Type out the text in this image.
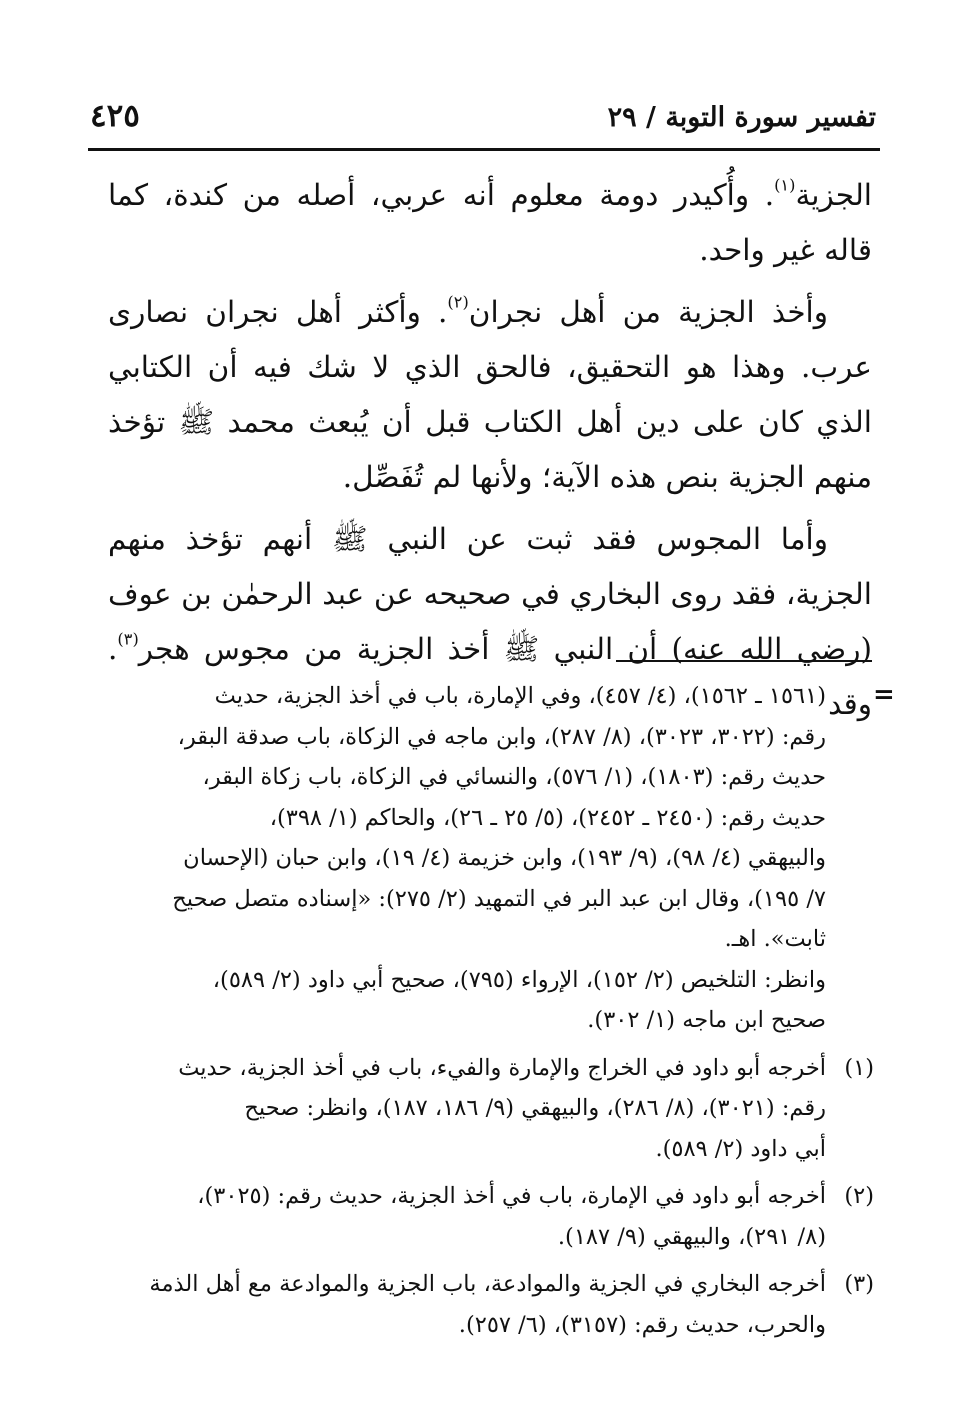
تفسير سورة التوبة / ٢٩
٤٢٥

الجزية$^{(١)}$. وأُكيدر دومة معلوم أنه عربي، أصله من كندة، كما قاله غير واحد.

وأخذ الجزية من أهل نجران$^{(٢)}$. وأكثر أهل نجران نصارى عرب. وهذا هو التحقيق، فالحق الذي لا شك فيه أن الكتابي الذي كان على دين أهل الكتاب قبل أن يُبعث محمد ﷺ تؤخذ منهم الجزية بنص هذه الآية؛ ولأنها لم تُفَصِّل.

وأما المجوس فقد ثبت عن النبي ﷺ أنهم تؤخذ منهم الجزية، فقد روى البخاري في صحيحه عن عبد الرحمٰن بن عوف (رضي الله عنه) أن النبي ﷺ أخذ الجزية من مجوس هجر$^{(٣)}$. وقد =
(١٥٦١ ـ ١٥٦٢)، (٤/ ٤٥٧)، وفي الإمارة، باب في أخذ الجزية، حديث
رقم: (٣٠٢٢، ٣٠٢٣)، (٨/ ٢٨٧)، وابن ماجه في الزكاة، باب صدقة البقر،
حديث رقم: (١٨٠٣)، (١/ ٥٧٦)، والنسائي في الزكاة، باب زكاة البقر،
حديث رقم: (٢٤٥٠ ـ ٢٤٥٢)، (٥/ ٢٥ ـ ٢٦)، والحاكم (١/ ٣٩٨)،
والبيهقي (٤/ ٩٨)، (٩/ ١٩٣)، وابن خزيمة (٤/ ١٩)، وابن حبان (الإحسان
٧/ ١٩٥)، وقال ابن عبد البر في التمهيد (٢/ ٢٧٥): «إسناده متصل صحيح
ثابت». اهـ.
وانظر: التلخيص (٢/ ١٥٢)، الإرواء (٧٩٥)، صحيح أبي داود (٢/ ٥٨٩)،
صحيح ابن ماجه (١/ ٣٠٢).
(١)
أخرجه أبو داود في الخراج والإمارة والفيء، باب في أخذ الجزية، حديث
رقم: (٣٠٢١)، (٨/ ٢٨٦)، والبيهقي (٩/ ١٨٦، ١٨٧)، وانظر: صحيح
أبي داود (٢/ ٥٨٩).
(٢)
أخرجه أبو داود في الإمارة، باب في أخذ الجزية، حديث رقم: (٣٠٢٥)،
(٨/ ٢٩١)، والبيهقي (٩/ ١٨٧).
(٣)
أخرجه البخاري في الجزية والموادعة، باب الجزية والموادعة مع أهل الذمة
والحرب، حديث رقم: (٣١٥٧)، (٦/ ٢٥٧).
